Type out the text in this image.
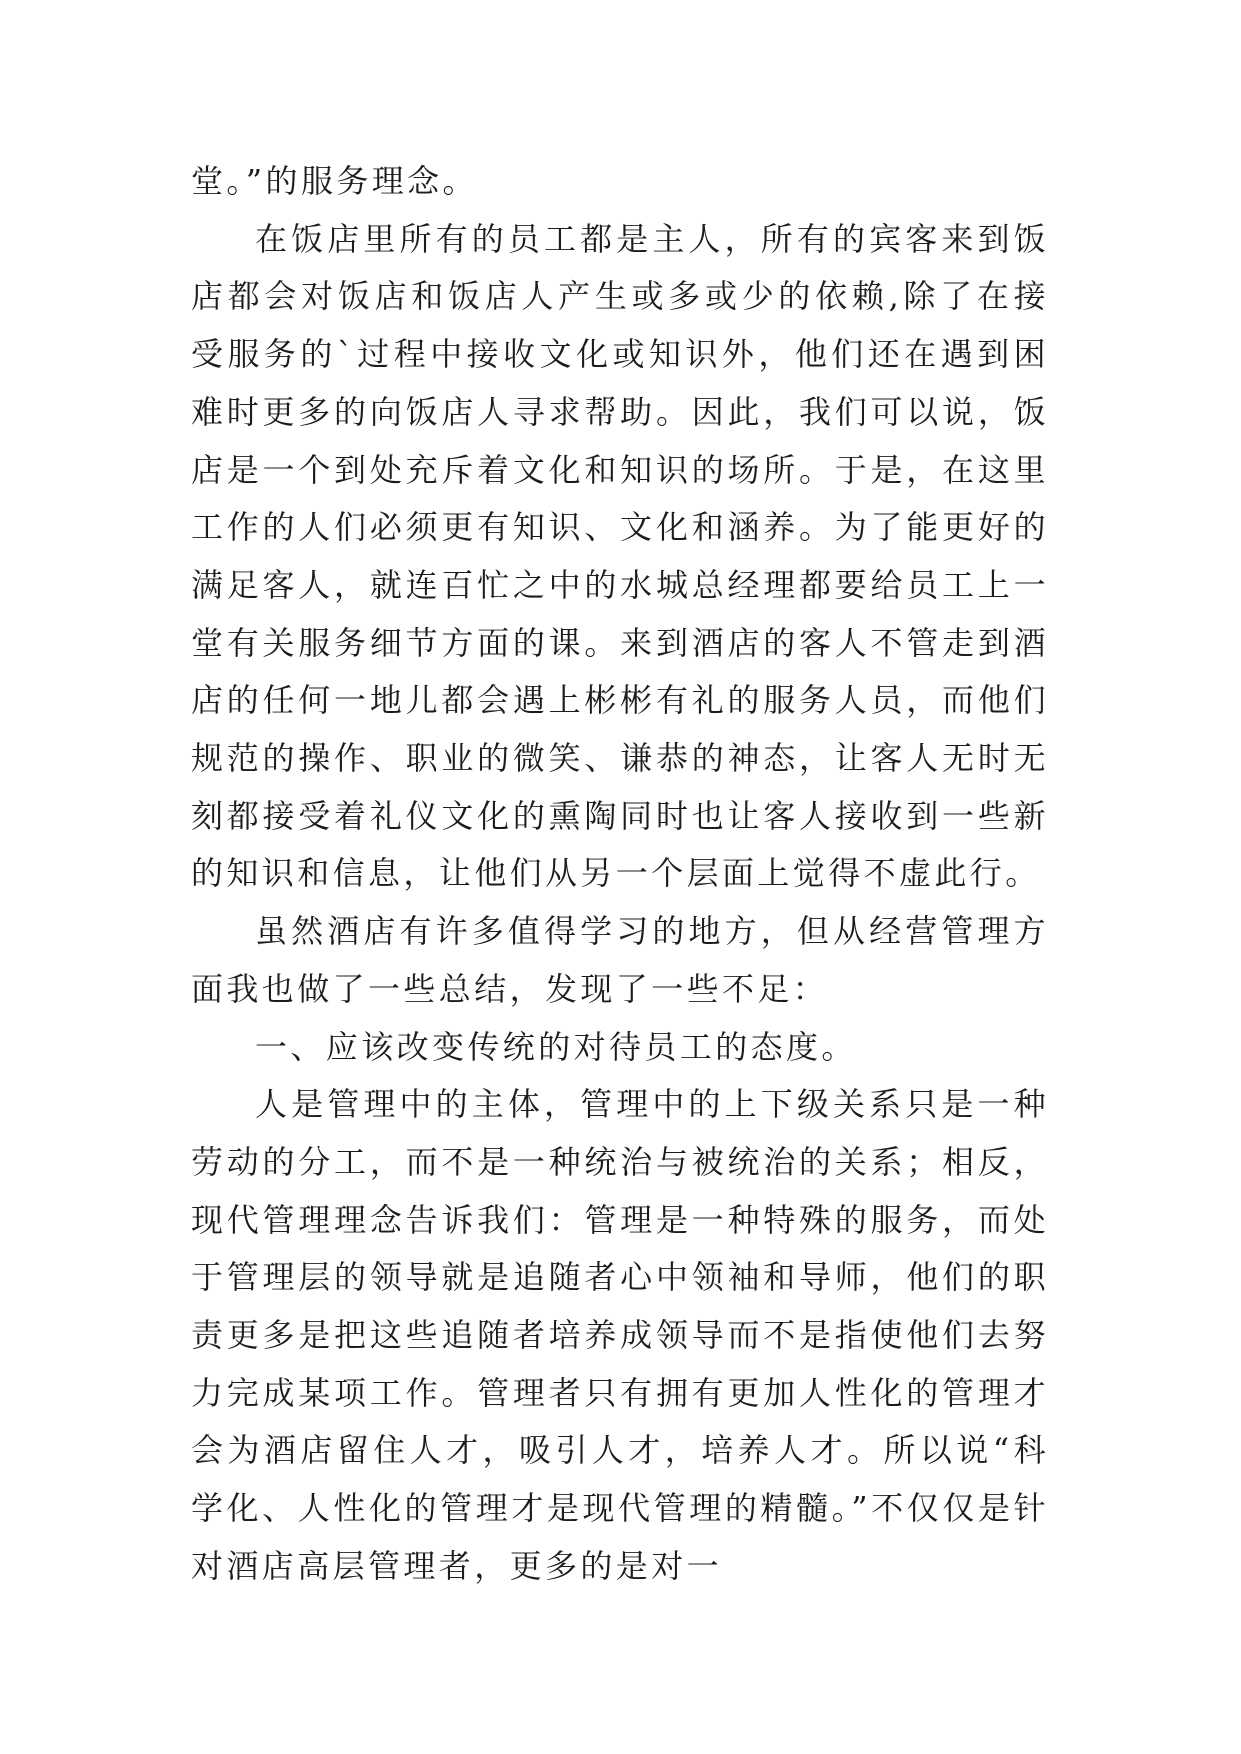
堂。”的服务理念。

在饭店里所有的员工都是主人，所有的宾客来到饭店都会对饭店和饭店人产生或多或少的依赖,除了在接受服务的`过程中接收文化或知识外，他们还在遇到困难时更多的向饭店人寻求帮助。因此，我们可以说，饭店是一个到处充斥着文化和知识的场所。于是，在这里工作的人们必须更有知识、文化和涵养。为了能更好的满足客人，就连百忙之中的水城总经理都要给员工上一堂有关服务细节方面的课。来到酒店的客人不管走到酒店的任何一地儿都会遇上彬彬有礼的服务人员，而他们规范的操作、职业的微笑、谦恭的神态，让客人无时无刻都接受着礼仪文化的熏陶同时也让客人接收到一些新的知识和信息，让他们从另一个层面上觉得不虚此行。

虽然酒店有许多值得学习的地方，但从经营管理方面我也做了一些总结，发现了一些不足：

一、应该改变传统的对待员工的态度。

人是管理中的主体，管理中的上下级关系只是一种劳动的分工，而不是一种统治与被统治的关系；相反，现代管理理念告诉我们：管理是一种特殊的服务，而处于管理层的领导就是追随者心中领袖和导师，他们的职责更多是把这些追随者培养成领导而不是指使他们去努力完成某项工作。管理者只有拥有更加人性化的管理才会为酒店留住人才，吸引人才，培养人才。所以说“科学化、人性化的管理才是现代管理的精髓。”不仅仅是针对酒店高层管理者，更多的是对一
